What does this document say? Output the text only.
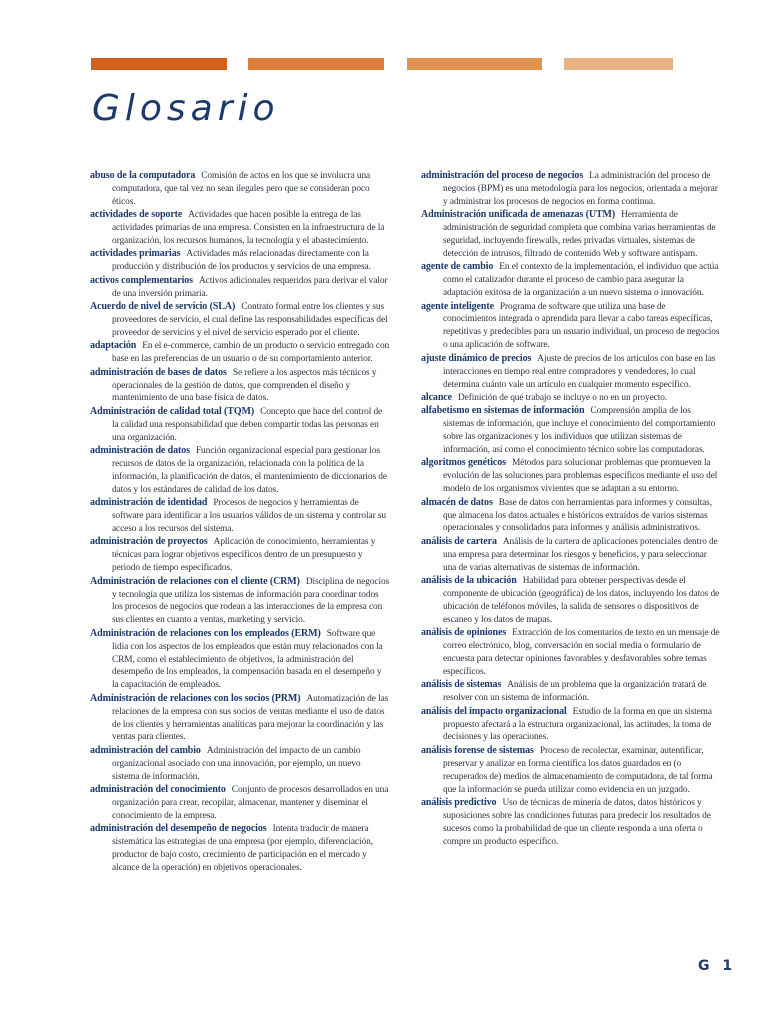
Glosario

abuso de la computadora Comisión de actos en los que se involucra una computadora, que tal vez no sean ilegales pero que se consideran poco éticos.

actividades de soporte Actividades que hacen posible la entrega de las actividades primarias de una empresa. Consisten en la infraestructura de la organización, los recursos humanos, la tecnología y el abastecimiento.

actividades primarias Actividades más relacionadas directamente con la producción y distribución de los productos y servicios de una empresa.

activos complementarios Activos adicionales requeridos para derivar el valor de una inversión primaria.

Acuerdo de nivel de servicio (SLA) Contrato formal entre los clientes y sus proveedores de servicio, el cual define las responsabilidades específicas del proveedor de servicios y el nivel de servicio esperado por el cliente.

adaptación En el e-commerce, cambio de un producto o servicio entregado con base en las preferencias de un usuario o de su comportamiento anterior.

administración de bases de datos Se refiere a los aspectos más técnicos y operacionales de la gestión de datos, que comprenden el diseño y mantenimiento de una base física de datos.

Administración de calidad total (TQM) Concepto que hace del control de la calidad una responsabilidad que deben compartir todas las personas en una organización.

administración de datos Función organizacional especial para gestionar los recursos de datos de la organización, relacionada con la política de la información, la planificación de datos, el mantenimiento de diccionarios de datos y los estándares de calidad de los datos.

administración de identidad Procesos de negocios y herramientas de software para identificar a los usuarios válidos de un sistema y controlar su acceso a los recursos del sistema.

administración de proyectos Aplicación de conocimiento, herramientas y técnicas para lograr objetivos específicos dentro de un presupuesto y periodo de tiempo especificados.

Administración de relaciones con el cliente (CRM) Disciplina de negocios y tecnología que utiliza los sistemas de información para coordinar todos los procesos de negocios que rodean a las interacciones de la empresa con sus clientes en cuanto a ventas, marketing y servicio.

Administración de relaciones con los empleados (ERM) Software que lidia con los aspectos de los empleados que están muy relacionados con la CRM, como el establecimiento de objetivos, la administración del desempeño de los empleados, la compensación basada en el desempeño y la capacitación de empleados.

Administración de relaciones con los socios (PRM) Automatización de las relaciones de la empresa con sus socios de ventas mediante el uso de datos de los clientes y herramientas analíticas para mejorar la coordinación y las ventas para clientes.

administración del cambio Administración del impacto de un cambio organizacional asociado con una innovación, por ejemplo, un nuevo sistema de información.

administración del conocimiento Conjunto de procesos desarrollados en una organización para crear, recopilar, almacenar, mantener y diseminar el conocimiento de la empresa.

administración del desempeño de negocios Intenta traducir de manera sistemática las estrategias de una empresa (por ejemplo, diferenciación, productor de bajo costo, crecimiento de participación en el mercado y alcance de la operación) en objetivos operacionales.

administración del proceso de negocios La administración del proceso de negocios (BPM) es una metodología para los negocios, orientada a mejorar y administrar los procesos de negocios en forma continua.

Administración unificada de amenazas (UTM) Herramienta de administración de seguridad completa que combina varias herramientas de seguridad, incluyendo firewalls, redes privadas virtuales, sistemas de detección de intrusos, filtrado de contenido Web y software antispam.

agente de cambio En el contexto de la implementación, el individuo que actúa como el catalizador durante el proceso de cambio para asegurar la adaptación exitosa de la organización a un nuevo sistema o innovación.

agente inteligente Programa de software que utiliza una base de conocimientos integrada o aprendida para llevar a cabo tareas específicas, repetitivas y predecibles para un usuario individual, un proceso de negocios o una aplicación de software.

ajuste dinámico de precios Ajuste de precios de los artículos con base en las interacciones en tiempo real entre compradores y vendedores, lo cual determina cuánto vale un artículo en cualquier momento específico.

alcance Definición de qué trabajo se incluye o no en un proyecto.

alfabetismo en sistemas de información Comprensión amplia de los sistemas de información, que incluye el conocimiento del comportamiento sobre las organizaciones y los individuos que utilizan sistemas de información, así como el conocimiento técnico sobre las computadoras.

algoritmos genéticos Métodos para solucionar problemas que promueven la evolución de las soluciones para problemas específicos mediante el uso del modelo de los organismos vivientes que se adaptan a su entorno.

almacén de datos Base de datos con herramientas para informes y consultas, que almacena los datos actuales e históricos extraídos de varios sistemas operacionales y consolidados para informes y análisis administrativos.

análisis de cartera Análisis de la cartera de aplicaciones potenciales dentro de una empresa para determinar los riesgos y beneficios, y para seleccionar una de varias alternativas de sistemas de información.

análisis de la ubicación Habilidad para obtener perspectivas desde el componente de ubicación (geográfica) de los datos, incluyendo los datos de ubicación de teléfonos móviles, la salida de sensores o dispositivos de escaneo y los datos de mapas.

análisis de opiniones Extracción de los comentarios de texto en un mensaje de correo electrónico, blog, conversación en social media o formulario de encuesta para detectar opiniones favorables y desfavorables sobre temas específicos.

análisis de sistemas Análisis de un problema que la organización tratará de resolver con un sistema de información.

análisis del impacto organizacional Estudio de la forma en que un sistema propuesto afectará a la estructura organizacional, las actitudes, la toma de decisiones y las operaciones.

análisis forense de sistemas Proceso de recolectar, examinar, autentificar, preservar y analizar en forma científica los datos guardados en (o recuperados de) medios de almacenamiento de computadora, de tal forma que la información se pueda utilizar como evidencia en un juzgado.

análisis predictivo Uso de técnicas de minería de datos, datos históricos y suposiciones sobre las condiciones futuras para predecir los resultados de sucesos como la probabilidad de que un cliente responda a una oferta o compre un producto específico.

G 1
